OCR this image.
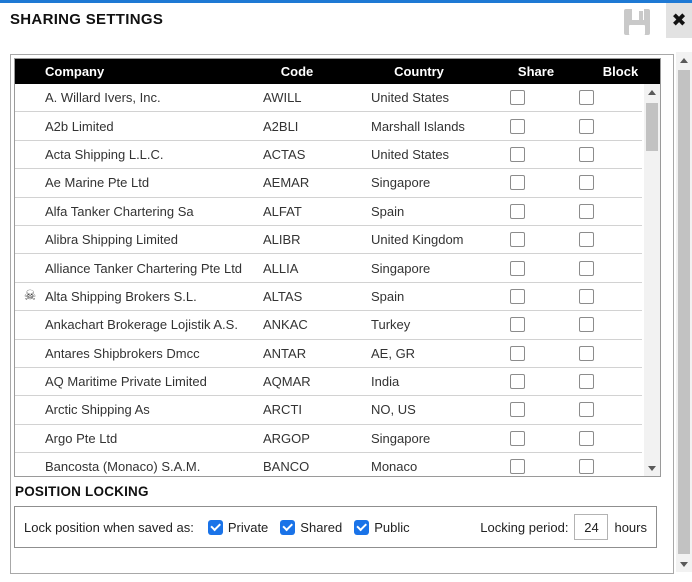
SHARING SETTINGS	✖
Company	Code	Country	Share	Block
A. Willard Ivers, Inc.	AWILL	United States
A2b Limited	A2BLI	Marshall Islands
Acta Shipping L.L.C.	ACTAS	United States
Ae Marine Pte Ltd	AEMAR	Singapore
Alfa Tanker Chartering Sa	ALFAT	Spain
Alibra Shipping Limited	ALIBR	United Kingdom
Alliance Tanker Chartering Pte Ltd	ALLIA	Singapore
☠ Alta Shipping Brokers S.L.	ALTAS	Spain
Ankachart Brokerage Lojistik A.S.	ANKAC	Turkey
Antares Shipbrokers Dmcc	ANTAR	AE, GR
AQ Maritime Private Limited	AQMAR	India
Arctic Shipping As	ARCTI	NO, US
Argo Pte Ltd	ARGOP	Singapore
Bancosta (Monaco) S.A.M.	BANCO	Monaco
POSITION LOCKING
Lock position when saved as:	Private Shared Public	Locking period:
24	hours
